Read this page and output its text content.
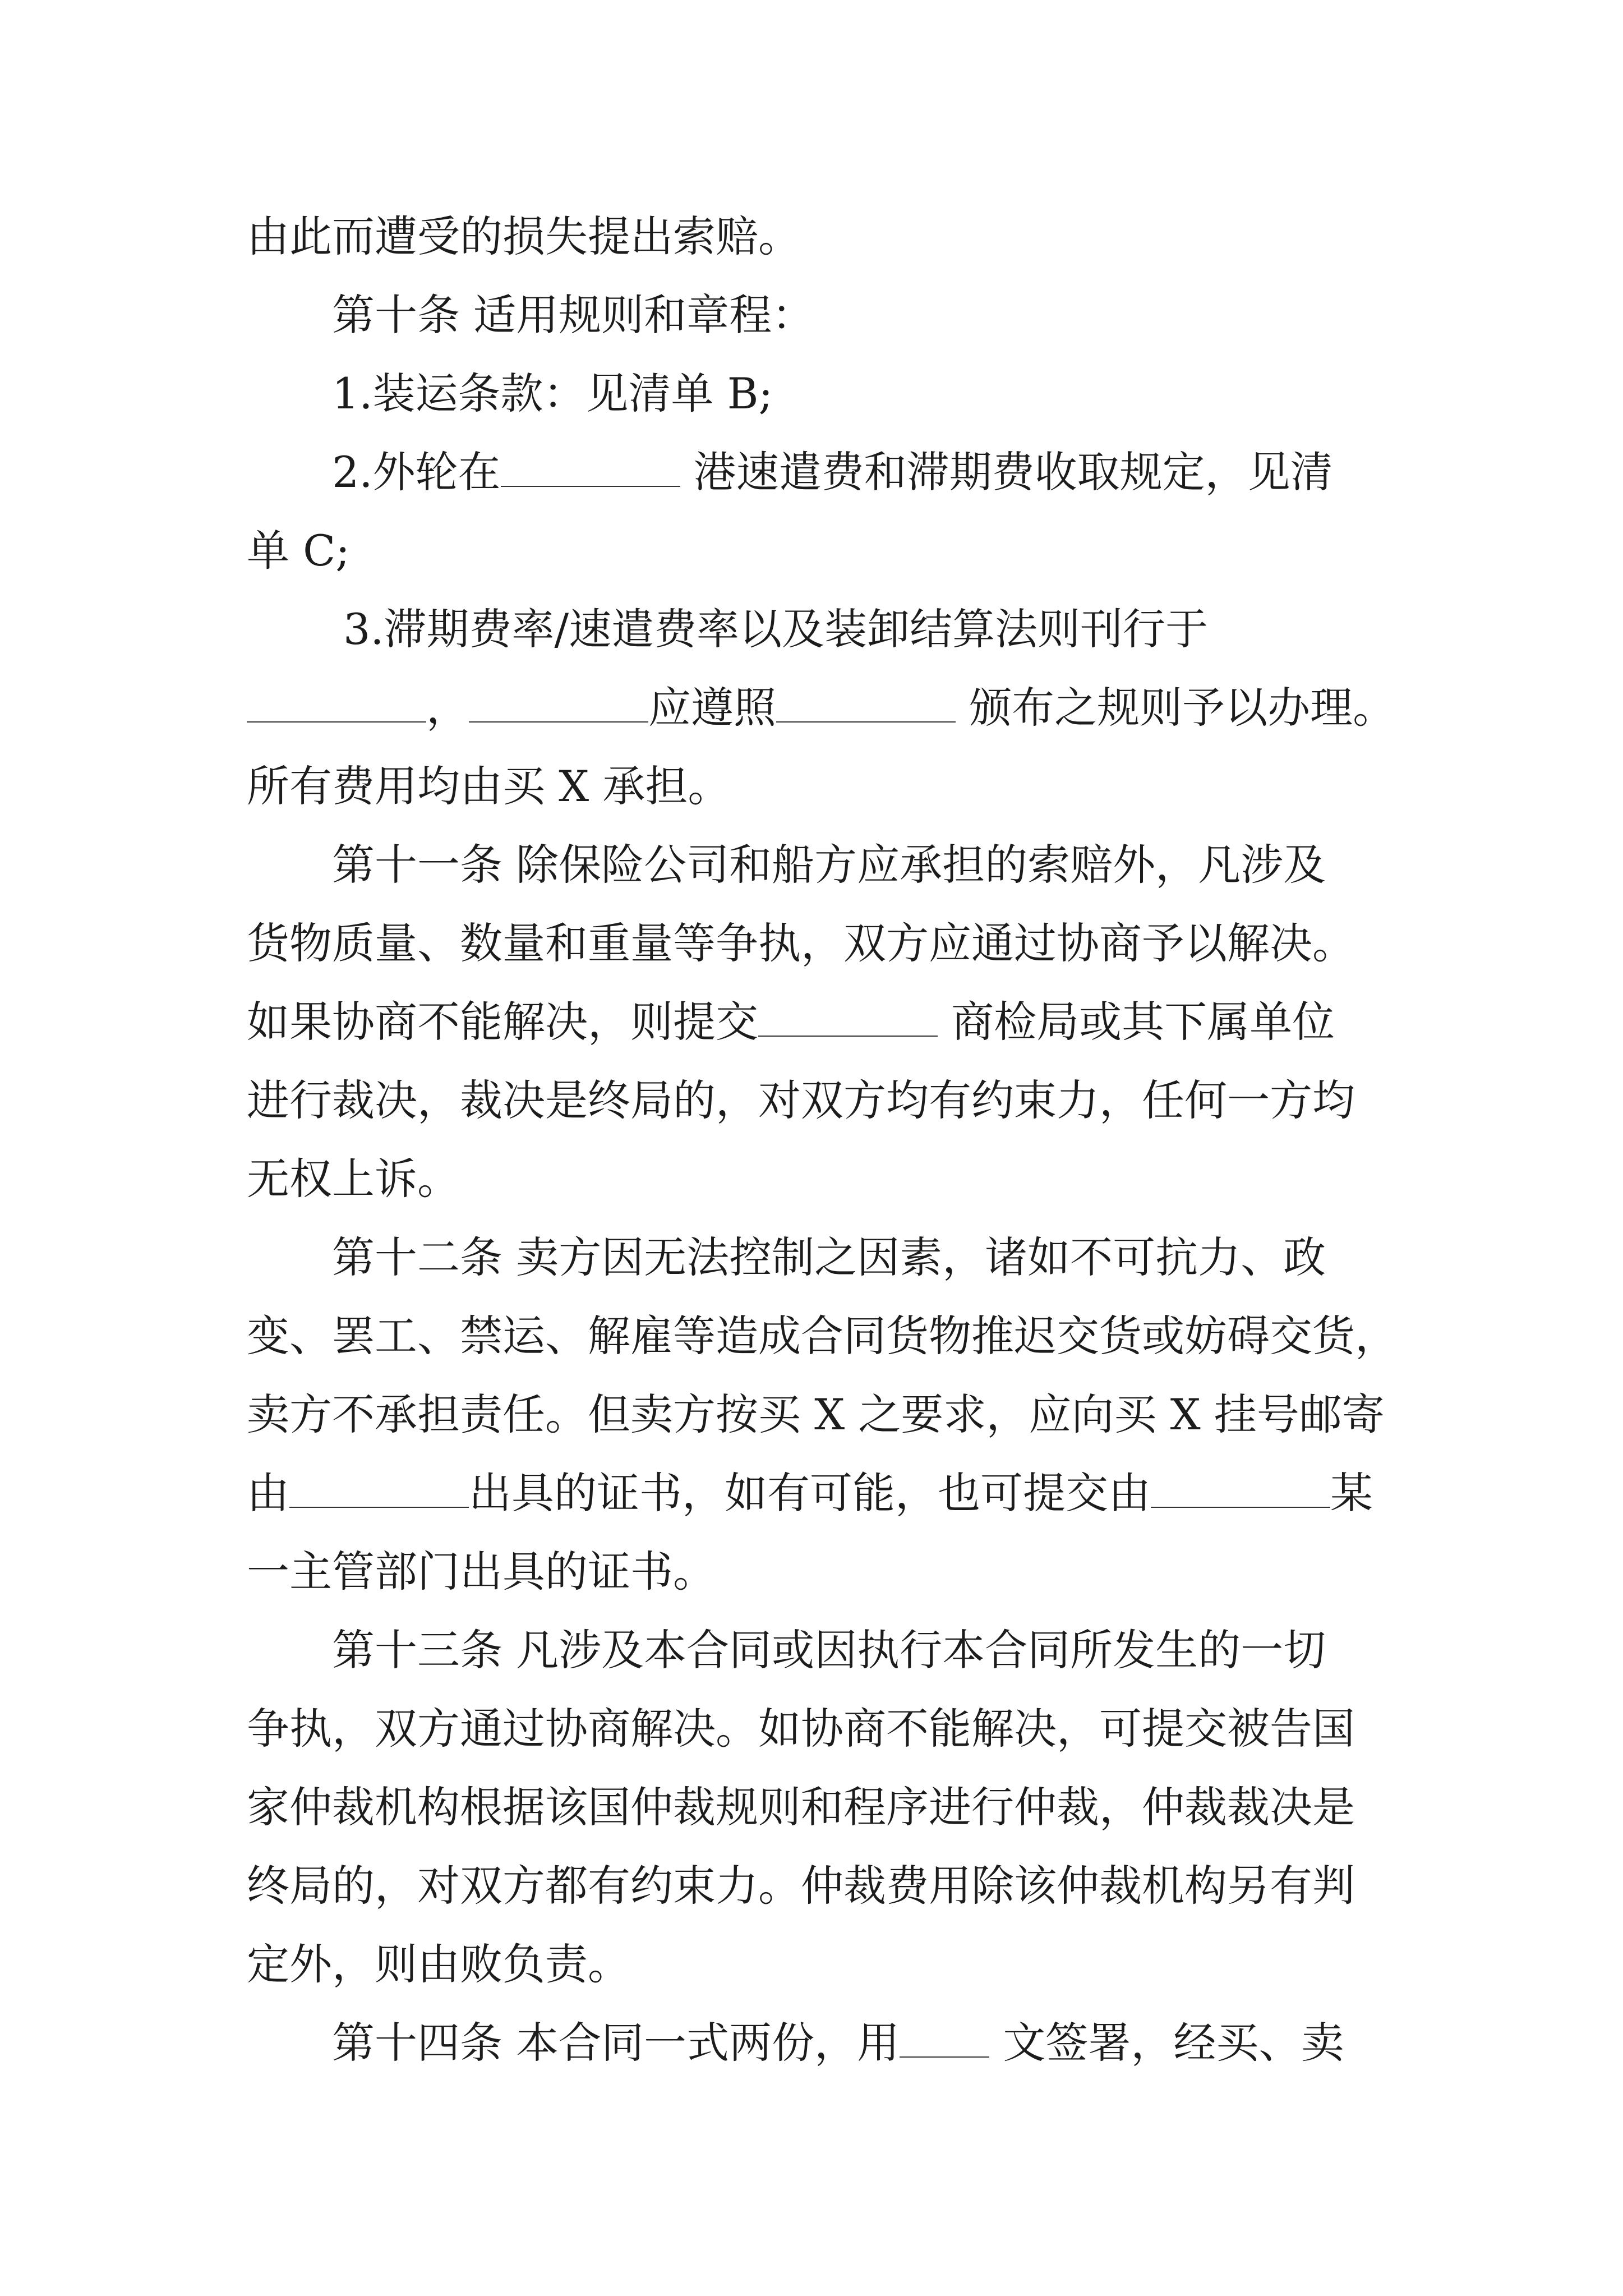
由此而遭受的损失提出索赔。
第十条 适用规则和章程：
1.装运条款：见清单 B;
2.外轮在	港速遣费和滞期费收取规定，见清
单 C;
3.滞期费率/速遣费率以及装卸结算法则刊行于
，	应遵照	颁布之规则予以办理。
所有费用均由买 X 承担。
第十一条 除保险公司和船方应承担的索赔外，凡涉及
货物质量、数量和重量等争执，双方应通过协商予以解决。
如果协商不能解决，则提交	商检局或其下属单位
进行裁决，裁决是终局的，对双方均有约束力，任何一方均
无权上诉。
第十二条 卖方因无法控制之因素，诸如不可抗力、政
变、罢工、禁运、解雇等造成合同货物推迟交货或妨碍交货，
卖方不承担责任。但卖方按买 X 之要求，应向买 X 挂号邮寄
由	出具的证书，如有可能，也可提交由	某
一主管部门出具的证书。
第十三条 凡涉及本合同或因执行本合同所发生的一切
争执，双方通过协商解决。如协商不能解决，可提交被告国
家仲裁机构根据该国仲裁规则和程序进行仲裁，仲裁裁决是
终局的，对双方都有约束力。仲裁费用除该仲裁机构另有判
定外，则由败负责。
第十四条 本合同一式两份，用 文签署，经买、卖
